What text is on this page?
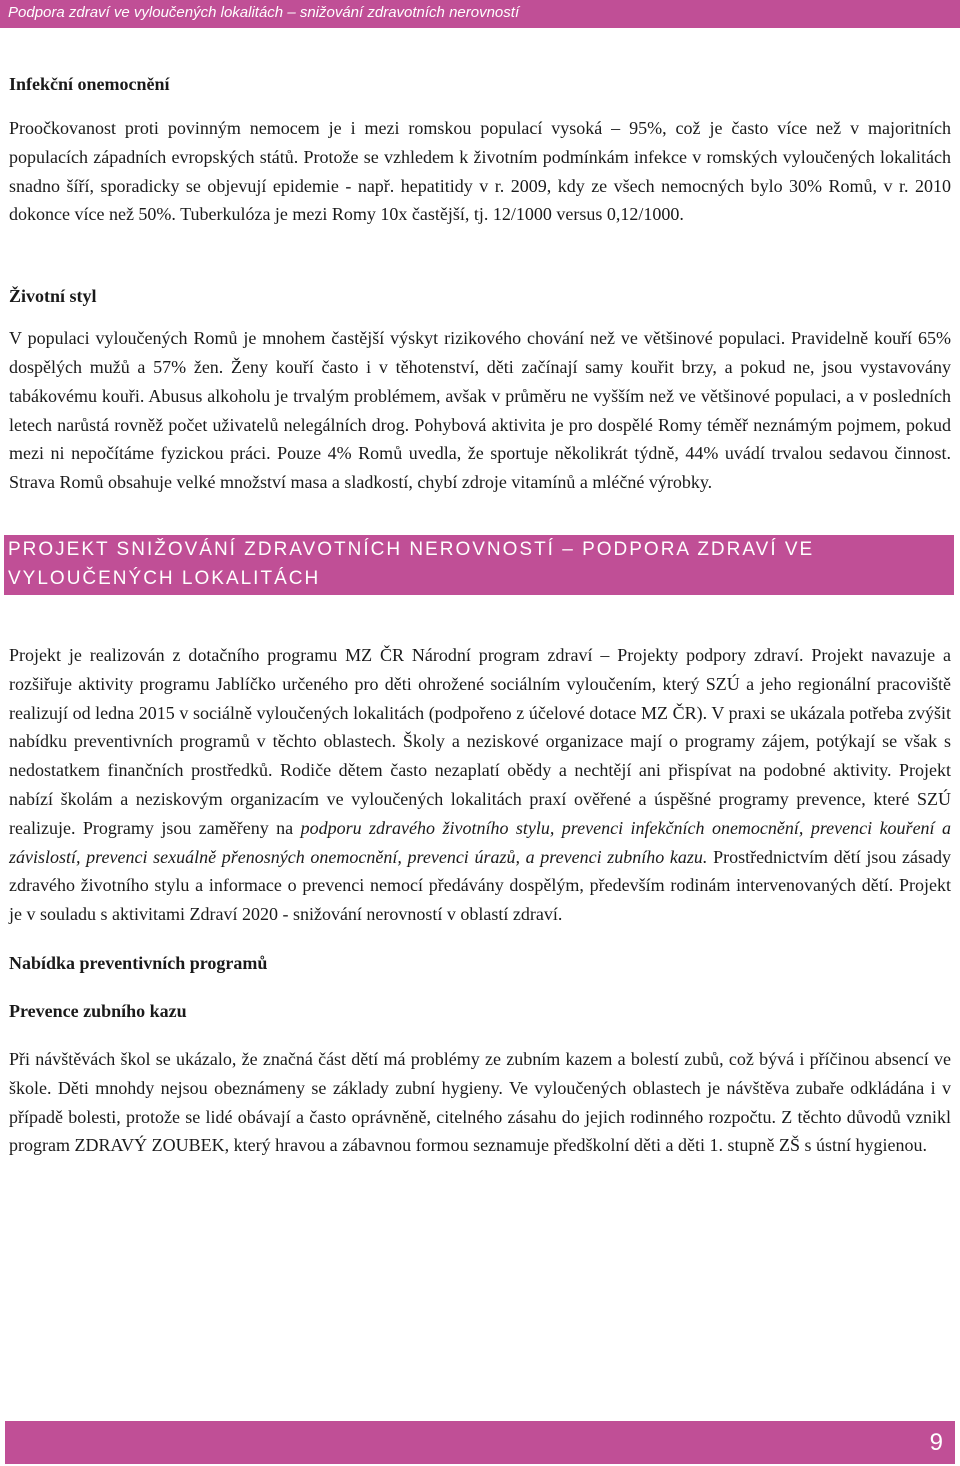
Podpora zdraví ve vyloučených lokalitách – snižování zdravotních nerovností
Infekční onemocnění

Proočkovanost proti povinným nemocem je i mezi romskou populací vysoká – 95%, což je často více než v majoritních populacích západních evropských států. Protože se vzhledem k životním podmínkám infekce v romských vyloučených lokalitách snadno šíří, sporadicky se objevují epidemie - např. hepatitidy v r. 2009, kdy ze všech nemocných bylo 30% Romů, v r. 2010 dokonce více než 50%. Tuberkulóza je mezi Romy 10x častější, tj. 12/1000 versus 0,12/1000.

Životní styl

V populaci vyloučených Romů je mnohem častější výskyt rizikového chování než ve většinové populaci. Pravidelně kouří 65% dospělých mužů a 57% žen. Ženy kouří často i v těhotenství, děti začínají samy kouřit brzy, a pokud ne, jsou vystavovány tabákovému kouři. Abusus alkoholu je trvalým problémem, avšak v průměru ne vyšším než ve většinové populaci, a v posledních letech narůstá rovněž počet uživatelů nelegálních drog. Pohybová aktivita je pro dospělé Romy téměř neznámým pojmem, pokud mezi ni nepočítáme fyzickou práci. Pouze 4% Romů uvedla, že sportuje několikrát týdně, 44% uvádí trvalou sedavou činnost. Strava Romů obsahuje velké množství masa a sladkostí, chybí zdroje vitamínů a mléčné výrobky.

PROJEKT SNIŽOVÁNÍ ZDRAVOTNÍCH NEROVNOSTÍ – PODPORA ZDRAVÍ VE VYLOUČENÝCH LOKALITÁCH

Projekt je realizován z dotačního programu MZ ČR Národní program zdraví – Projekty podpory zdraví. Projekt navazuje a rozšiřuje aktivity programu Jablíčko určeného pro děti ohrožené sociálním vyloučením, který SZÚ a jeho regionální pracoviště realizují od ledna 2015 v sociálně vyloučených lokalitách (podpořeno z účelové dotace MZ ČR). V praxi se ukázala potřeba zvýšit nabídku preventivních programů v těchto oblastech. Školy a neziskové organizace mají o programy zájem, potýkají se však s nedostatkem finančních prostředků. Rodiče dětem často nezaplatí obědy a nechtějí ani přispívat na podobné aktivity. Projekt nabízí školám a neziskovým organizacím ve vyloučených lokalitách praxí ověřené a úspěšné programy prevence, které SZÚ realizuje. Programy jsou zaměřeny na podporu zdravého životního stylu, prevenci infekčních onemocnění, prevenci kouření a závislostí, prevenci sexuálně přenosných onemocnění, prevenci úrazů, a prevenci zubního kazu. Prostřednictvím dětí jsou zásady zdravého životního stylu a informace o prevenci nemocí předávány dospělým, především rodinám intervenovaných dětí. Projekt je v souladu s aktivitami Zdraví 2020 - snižování nerovností v oblastí zdraví.

Nabídka preventivních programů
Prevence zubního kazu

Při návštěvách škol se ukázalo, že značná část dětí má problémy ze zubním kazem a bolestí zubů, což bývá i příčinou absencí ve škole. Děti mnohdy nejsou obeznámeny se základy zubní hygieny. Ve vyloučených oblastech je návštěva zubaře odkládána i v případě bolesti, protože se lidé obávají a často oprávněně, citelného zásahu do jejich rodinného rozpočtu. Z těchto důvodů vznikl program ZDRAVÝ ZOUBEK, který hravou a zábavnou formou seznamuje předškolní děti a děti 1. stupně ZŠ s ústní hygienou.

9
